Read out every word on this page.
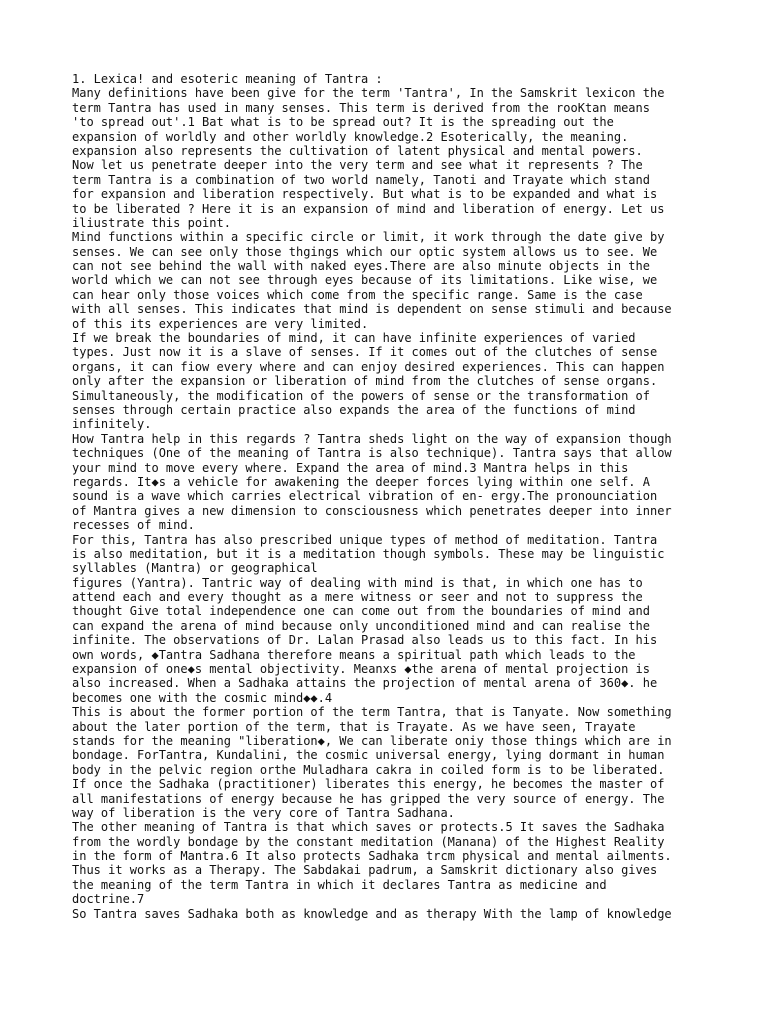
1. Lexica! and esoteric meaning of Tantra :
Many definitions have been give for the term 'Tantra', In the Samskrit lexicon the
term Tantra has used in many senses. This term is derived from the rooKtan means
'to spread out'.1 Bat what is to be spread out? It is the spreading out the
expansion of worldly and other worldly knowledge.2 Esoterically, the meaning.
expansion also represents the cultivation of latent physical and mental powers.
Now let us penetrate deeper into the very term and see what it represents ? The
term Tantra is a combination of two world namely, Tanoti and Trayate which stand
for expansion and liberation respectively. But what is to be expanded and what is
to be liberated ? Here it is an expansion of mind and liberation of energy. Let us
iliustrate this point.
Mind functions within a specific circle or limit, it work through the date give by
senses. We can see only those thgings which our optic system allows us to see. We
can not see behind the wall with naked eyes.There are also minute objects in the
world which we can not see through eyes because of its limitations. Like wise, we
can hear only those voices which come from the specific range. Same is the case
with all senses. This indicates that mind is dependent on sense stimuli and because
of this its experiences are very limited.
If we break the boundaries of mind, it can have infinite experiences of varied
types. Just now it is a slave of senses. If it comes out of the clutches of sense
organs, it can fiow every where and can enjoy desired experiences. This can happen
only after the expansion or liberation of mind from the clutches of sense organs.
Simultaneously, the modification of the powers of sense or the transformation of
senses through certain practice also expands the area of the functions of mind
infinitely.
How Tantra help in this regards ? Tantra sheds light on the way of expansion though
techniques (One of the meaning of Tantra is also technique). Tantra says that allow
your mind to move every where. Expand the area of mind.3 Mantra helps in this
regards. It◆s a vehicle for awakening the deeper forces lying within one self. A
sound is a wave which carries electrical vibration of en- ergy.The pronounciation
of Mantra gives a new dimension to consciousness which penetrates deeper into inner
recesses of mind.
For this, Tantra has also prescribed unique types of method of meditation. Tantra
is also meditation, but it is a meditation though symbols. These may be linguistic
syllables (Mantra) or geographical
figures (Yantra). Tantric way of dealing with mind is that, in which one has to
attend each and every thought as a mere witness or seer and not to suppress the
thought Give total independence one can come out from the boundaries of mind and
can expand the arena of mind because only unconditioned mind and can realise the
infinite. The observations of Dr. Lalan Prasad also leads us to this fact. In his
own words, ◆Tantra Sadhana therefore means a spiritual path which leads to the
expansion of one◆s mental objectivity. Meanxs ◆the arena of mental projection is
also increased. When a Sadhaka attains the projection of mental arena of 360◆. he
becomes one with the cosmic mind◆◆.4
This is about the former portion of the term Tantra, that is Tanyate. Now something
about the later portion of the term, that is Trayate. As we have seen, Trayate
stands for the meaning "liberation◆, We can liberate oniy those things which are in
bondage. ForTantra, Kundalini, the cosmic universal energy, lying dormant in human
body in the pelvic region orthe Muladhara cakra in coiled form is to be liberated.
If once the Sadhaka (practitioner) liberates this energy, he becomes the master of
all manifestations of energy because he has gripped the very source of energy. The
way of liberation is the very core of Tantra Sadhana.
The other meaning of Tantra is that which saves or protects.5 It saves the Sadhaka
from the wordly bondage by the constant meditation (Manana) of the Highest Reality
in the form of Mantra.6 It also protects Sadhaka trcm physical and mental ailments.
Thus it works as a Therapy. The Sabdakai padrum, a Samskrit dictionary also gives
the meaning of the term Tantra in which it declares Tantra as medicine and
doctrine.7
So Tantra saves Sadhaka both as knowledge and as therapy With the lamp of knowledge
